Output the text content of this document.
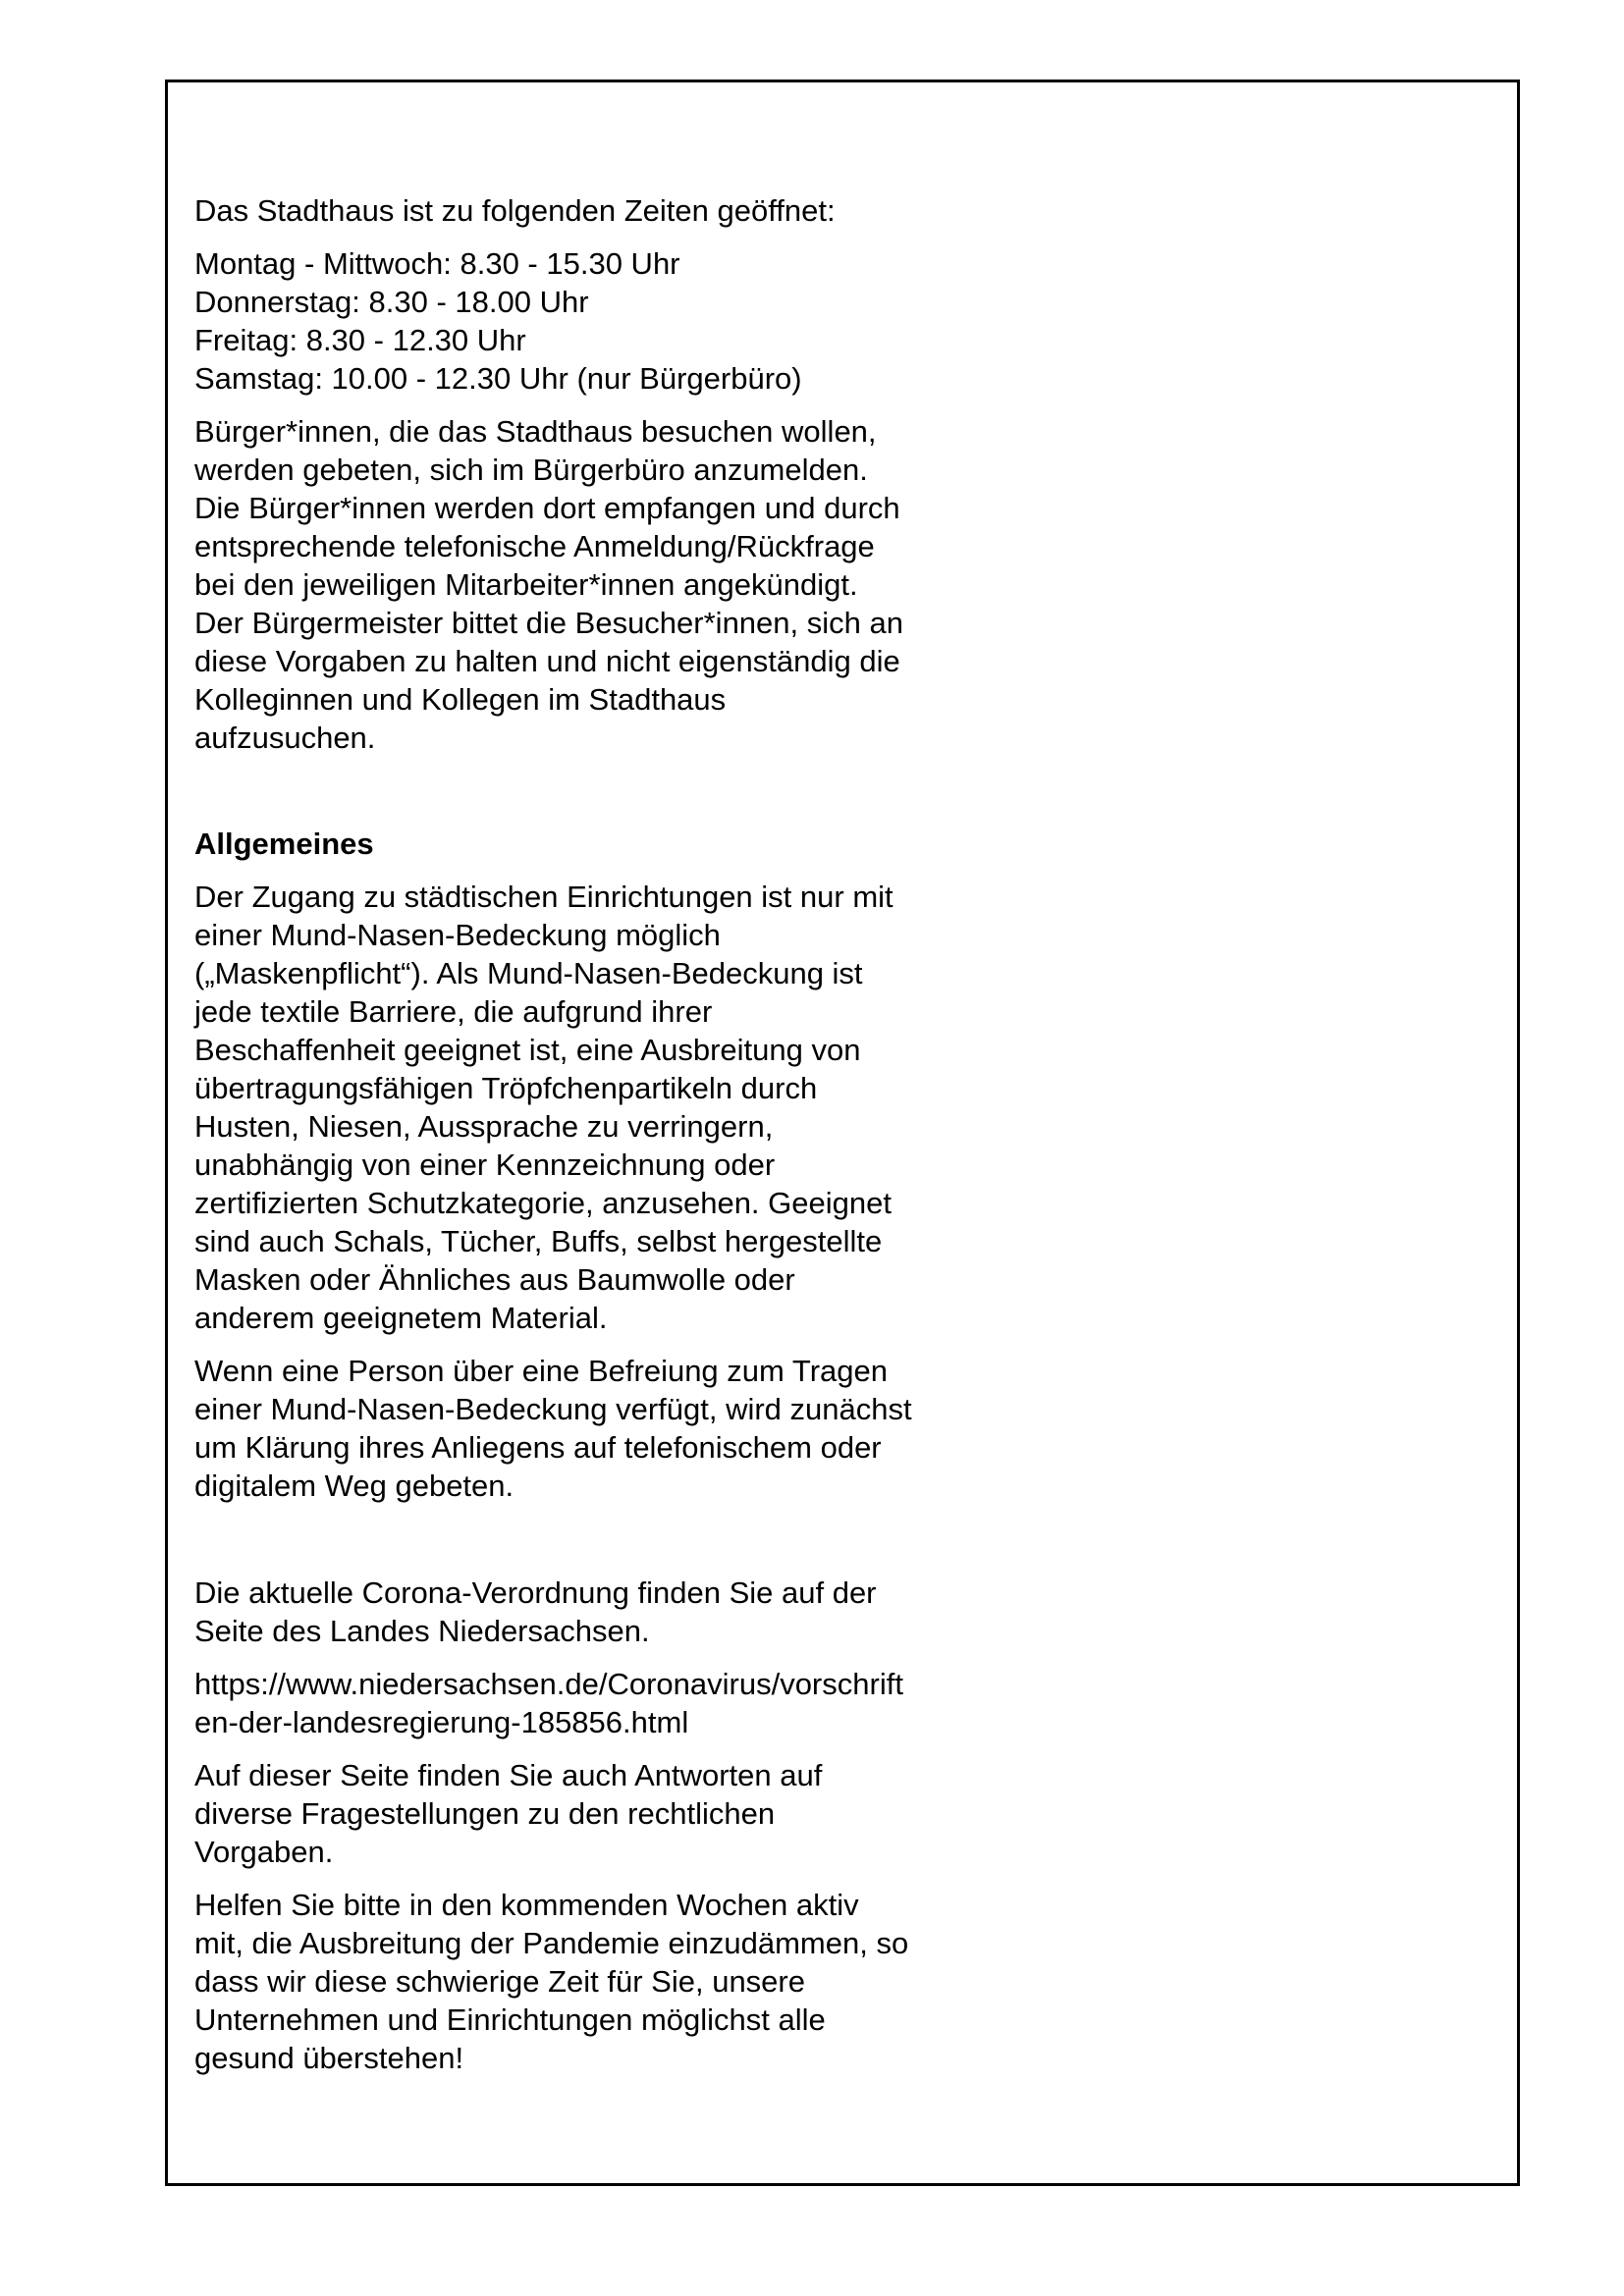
Das Stadthaus ist zu folgenden Zeiten geöffnet:

Montag - Mittwoch: 8.30 - 15.30 Uhr
Donnerstag: 8.30 - 18.00 Uhr
Freitag: 8.30 - 12.30 Uhr
Samstag: 10.00 - 12.30 Uhr (nur Bürgerbüro)

Bürger*innen, die das Stadthaus besuchen wollen,
werden gebeten, sich im Bürgerbüro anzumelden.
Die Bürger*innen werden dort empfangen und durch
entsprechende telefonische Anmeldung/Rückfrage
bei den jeweiligen Mitarbeiter*innen angekündigt.
Der Bürgermeister bittet die Besucher*innen, sich an
diese Vorgaben zu halten und nicht eigenständig die
Kolleginnen und Kollegen im Stadthaus
aufzusuchen.

Allgemeines

Der Zugang zu städtischen Einrichtungen ist nur mit
einer Mund-Nasen-Bedeckung möglich
(„Maskenpflicht“). Als Mund-Nasen-Bedeckung ist
jede textile Barriere, die aufgrund ihrer
Beschaffenheit geeignet ist, eine Ausbreitung von
übertragungsfähigen Tröpfchenpartikeln durch
Husten, Niesen, Aussprache zu verringern,
unabhängig von einer Kennzeichnung oder
zertifizierten Schutzkategorie, anzusehen. Geeignet
sind auch Schals, Tücher, Buffs, selbst hergestellte
Masken oder Ähnliches aus Baumwolle oder
anderem geeignetem Material.

Wenn eine Person über eine Befreiung zum Tragen
einer Mund-Nasen-Bedeckung verfügt, wird zunächst
um Klärung ihres Anliegens auf telefonischem oder
digitalem Weg gebeten.

Die aktuelle Corona-Verordnung finden Sie auf der
Seite des Landes Niedersachsen.

https://www.niedersachsen.de/Coronavirus/vorschrift
en-der-landesregierung-185856.html

Auf dieser Seite finden Sie auch Antworten auf
diverse Fragestellungen zu den rechtlichen
Vorgaben.

Helfen Sie bitte in den kommenden Wochen aktiv
mit, die Ausbreitung der Pandemie einzudämmen, so
dass wir diese schwierige Zeit für Sie, unsere
Unternehmen und Einrichtungen möglichst alle
gesund überstehen!
